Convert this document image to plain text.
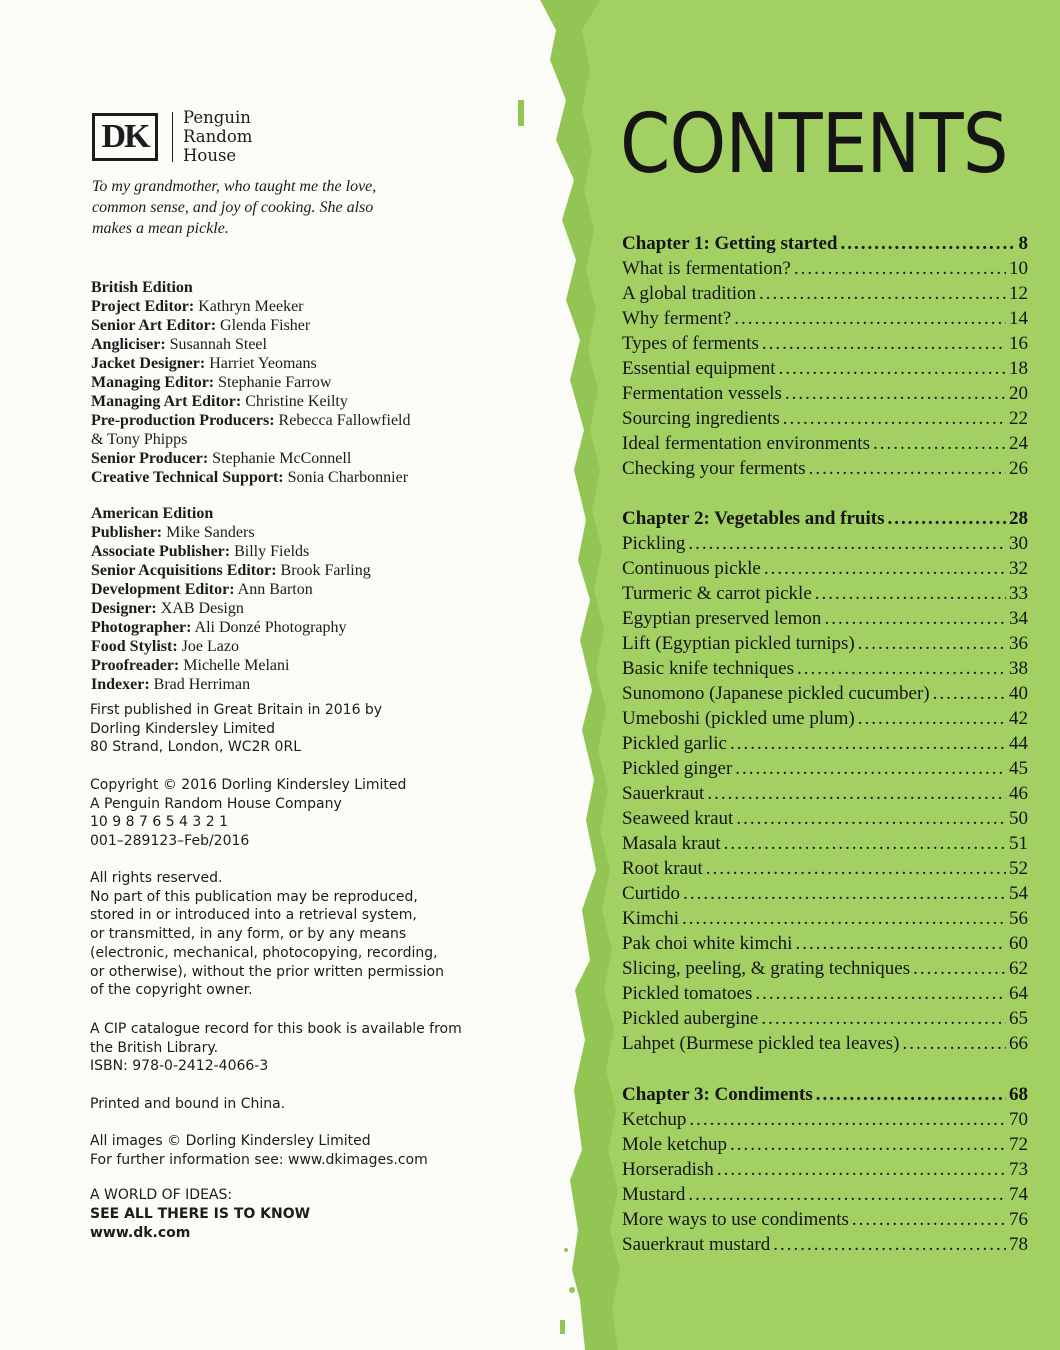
DK	Penguin
Random
House
To my grandmother, who taught me the love,
common sense, and joy of cooking. She also
makes a mean pickle.
British Edition
Project Editor: Kathryn Meeker
Senior Art Editor: Glenda Fisher
Angliciser: Susannah Steel
Jacket Designer: Harriet Yeomans
Managing Editor: Stephanie Farrow
Managing Art Editor: Christine Keilty
Pre-production Producers: Rebecca Fallowfield
& Tony Phipps
Senior Producer: Stephanie McConnell
Creative Technical Support: Sonia Charbonnier
American Edition
Publisher: Mike Sanders
Associate Publisher: Billy Fields
Senior Acquisitions Editor: Brook Farling
Development Editor: Ann Barton
Designer: XAB Design
Photographer: Ali Donzé Photography
Food Stylist: Joe Lazo
Proofreader: Michelle Melani
Indexer: Brad Herriman
First published in Great Britain in 2016 by
Dorling Kindersley Limited
80 Strand, London, WC2R 0RL
Copyright © 2016 Dorling Kindersley Limited
A Penguin Random House Company
10 9 8 7 6 5 4 3 2 1
001–289123–Feb/2016
All rights reserved.
No part of this publication may be reproduced,
stored in or introduced into a retrieval system,
or transmitted, in any form, or by any means
(electronic, mechanical, photocopying, recording,
or otherwise), without the prior written permission
of the copyright owner.
A CIP catalogue record for this book is available from
the British Library.
ISBN: 978-0-2412-4066-3
Printed and bound in China.
All images © Dorling Kindersley Limited
For further information see: www.dkimages.com
A WORLD OF IDEAS:
SEE ALL THERE IS TO KNOW
www.dk.com
CONTENTS
Chapter 1: Getting started .....	8
What is fermentation? .....	10
A global tradition .....	12
Why ferment? .....	14
Types of ferments .....	16
Essential equipment .....	18
Fermentation vessels .....	20
Sourcing ingredients .....	22
Ideal fermentation environments .....	24
Checking your ferments .....	26
Chapter 2: Vegetables and fruits .....	28
Pickling .....	30
Continuous pickle .....	32
Turmeric & carrot pickle .....	33
Egyptian preserved lemon .....	34
Lift (Egyptian pickled turnips) .....	36
Basic knife techniques .....	38
Sunomono (Japanese pickled cucumber) .....	40
Umeboshi (pickled ume plum) .....	42
Pickled garlic .....	44
Pickled ginger .....	45
Sauerkraut .....	46
Seaweed kraut .....	50
Masala kraut .....	51
Root kraut .....	52
Curtido .....	54
Kimchi .....	56
Pak choi white kimchi .....	60
Slicing, peeling, & grating techniques .....	62
Pickled tomatoes .....	64
Pickled aubergine .....	65
Lahpet (Burmese pickled tea leaves) .....	66
Chapter 3: Condiments .....	68
Ketchup .....	70
Mole ketchup .....	72
Horseradish .....	73
Mustard .....	74
More ways to use condiments .....	76
Sauerkraut mustard .....	78
